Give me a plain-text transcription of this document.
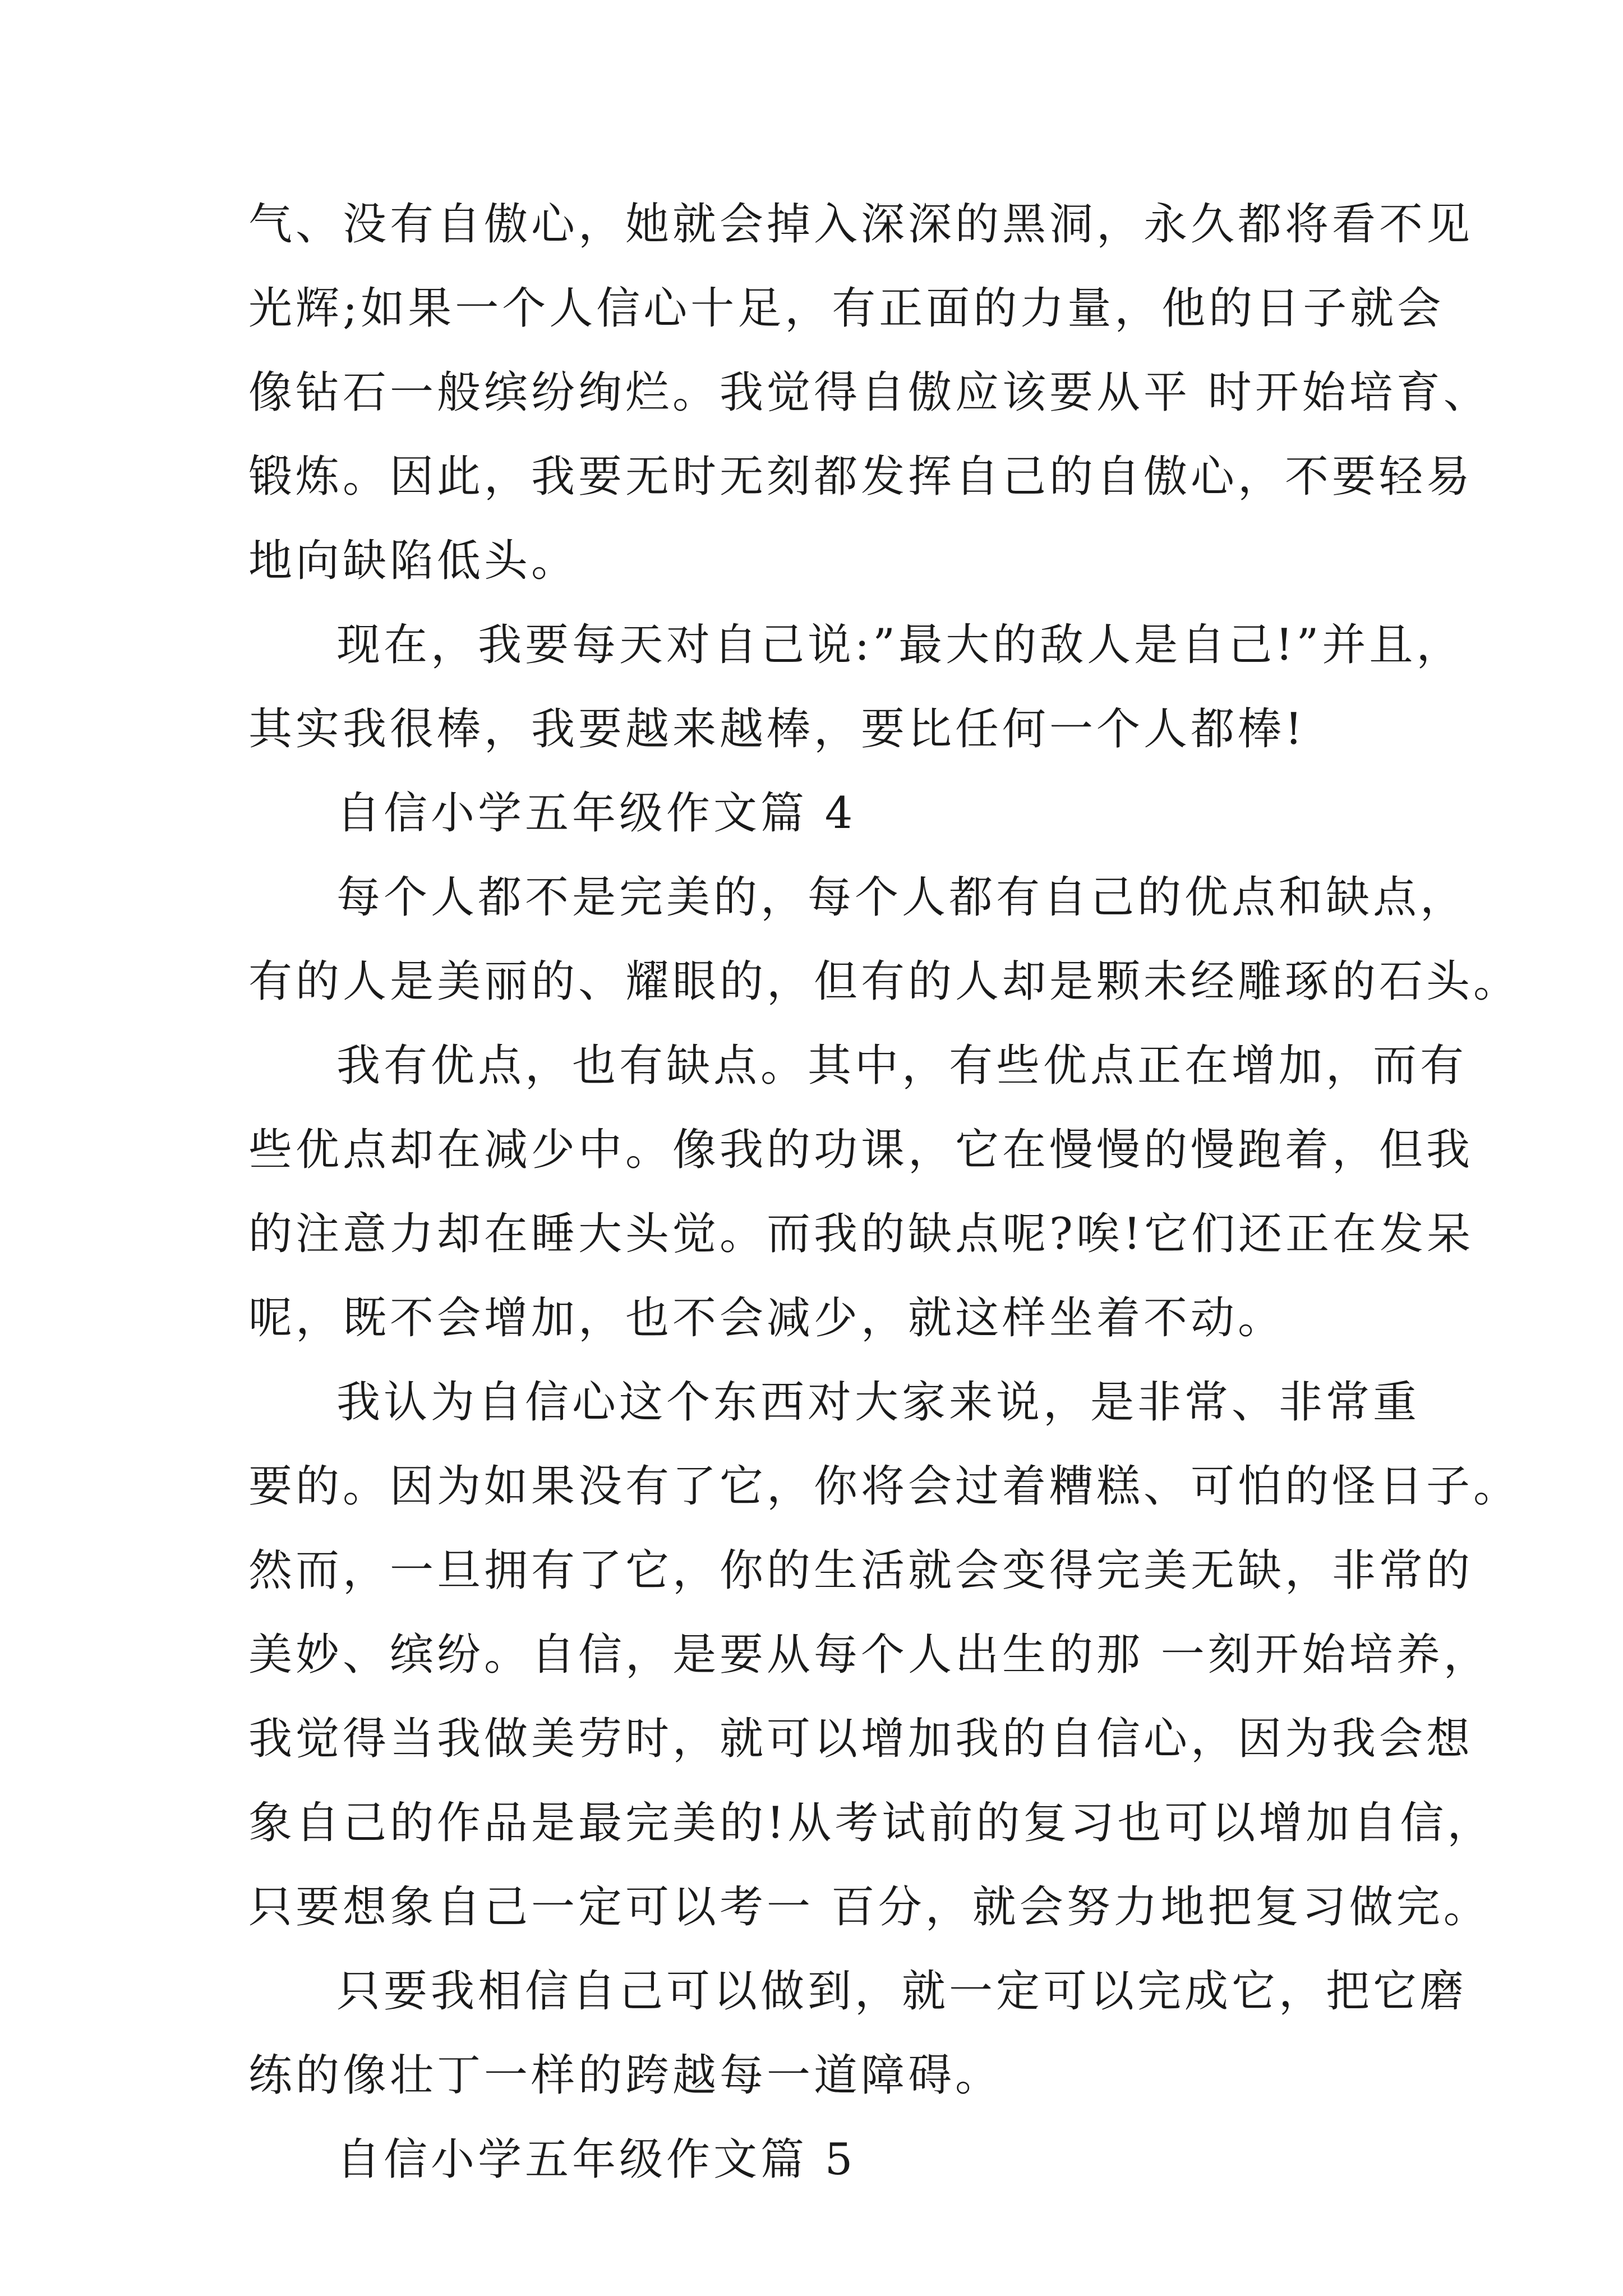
气、没有自傲心，她就会掉入深深的黑洞，永久都将看不见
光辉;如果一个人信心十足，有正面的力量，他的日子就会
像钻石一般缤纷绚烂。我觉得自傲应该要从平 时开始培育、
锻炼。因此，我要无时无刻都发挥自己的自傲心，不要轻易
地向缺陷低头。
现在，我要每天对自己说:”最大的敌人是自己!”并且，
其实我很棒，我要越来越棒，要比任何一个人都棒!
自信小学五年级作文篇 4
每个人都不是完美的，每个人都有自己的优点和缺点，
有的人是美丽的、耀眼的，但有的人却是颗未经雕琢的石头。
我有优点，也有缺点。其中，有些优点正在增加，而有
些优点却在减少中。像我的功课，它在慢慢的慢跑着，但我
的注意力却在睡大头觉。而我的缺点呢?唉!它们还正在发呆
呢，既不会增加，也不会减少，就这样坐着不动。
我认为自信心这个东西对大家来说，是非常、非常重
要的。因为如果没有了它，你将会过着糟糕、可怕的怪日子。
然而，一旦拥有了它，你的生活就会变得完美无缺，非常的
美妙、缤纷。自信，是要从每个人出生的那 一刻开始培养，
我觉得当我做美劳时，就可以增加我的自信心，因为我会想
象自己的作品是最完美的!从考试前的复习也可以增加自信，
只要想象自己一定可以考一 百分，就会努力地把复习做完。
只要我相信自己可以做到，就一定可以完成它，把它磨
练的像壮丁一样的跨越每一道障碍。
自信小学五年级作文篇 5
